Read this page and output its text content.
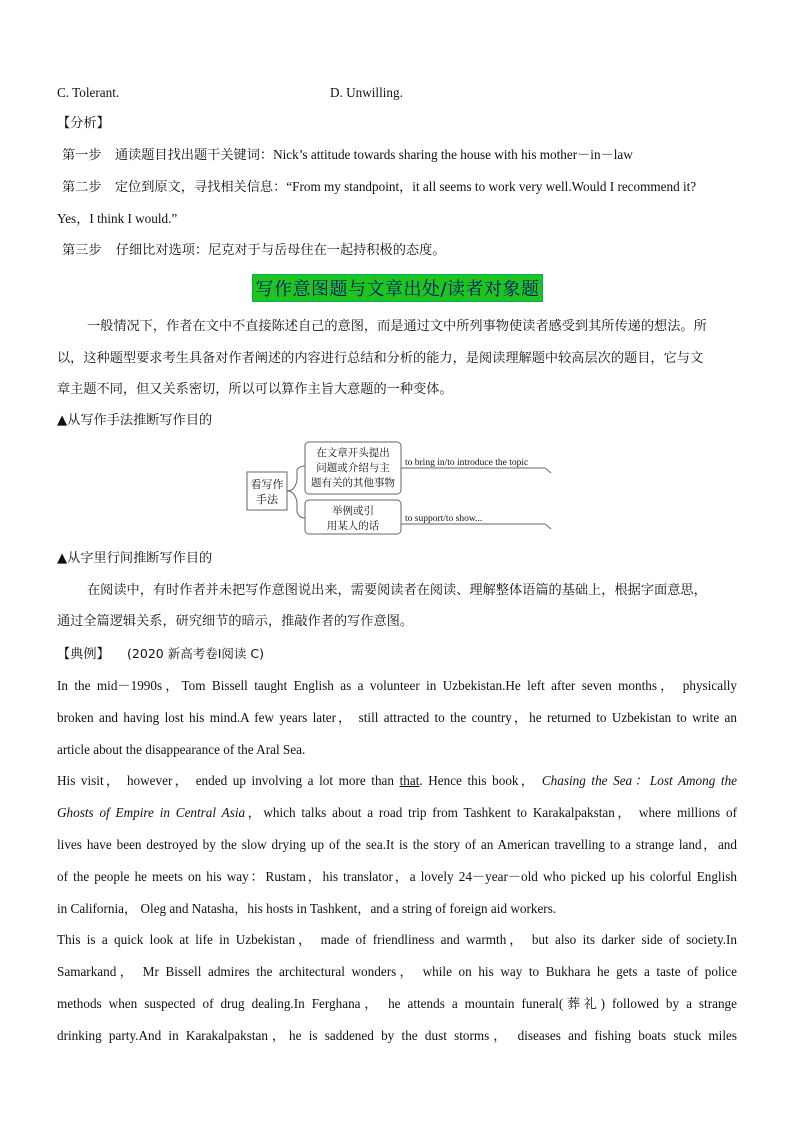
C. Tolerant.	D. Unwilling.
【分析】
第一步 通读题目找出题干关键词：Nick’s attitude towards sharing the house with his mother－in－law
第二步 定位到原文，寻找相关信息：“From my standpoint，it all seems to work very well.Would I recommend it?
Yes，I think I would.”
第三步 仔细比对选项：尼克对于与岳母住在一起持积极的态度。
写作意图题与文章出处/读者对象题
一般情况下，作者在文中不直接陈述自己的意图，而是通过文中所列事物使读者感受到其所传递的想法。所
以，这种题型要求考生具备对作者阐述的内容进行总结和分析的能力，是阅读理解题中较高层次的题目，它与文
章主题不同，但又关系密切，所以可以算作主旨大意题的一种变体。
▲从写作手法推断写作目的
看写作
手法
在文章开头提出
问题或介绍与主
题有关的其他事物
to bring in/to introduce the topic
举例或引
用某人的话
to support/to show...
▲从字里行间推断写作目的
在阅读中，有时作者并未把写作意图说出来，需要阅读者在阅读、理解整体语篇的基础上，根据字面意思，
通过全篇逻辑关系，研究细节的暗示，推敲作者的写作意图。
【典例】 (2020 新高考卷Ⅰ阅读 C)
In the mid－1990s，Tom Bissell taught English as a volunteer in Uzbekistan.He left after seven months， physically
broken and having lost his mind.A few years later， still attracted to the country，he returned to Uzbekistan to write an
article about the disappearance of the Aral Sea.
His visit， however， ended up involving a lot more than that. Hence this book， Chasing the Sea：Lost Among the
Ghosts of Empire in Central Asia，which talks about a road trip from Tashkent to Karakalpakstan， where millions of
lives have been destroyed by the slow drying up of the sea.It is the story of an American travelling to a strange land，and
of the people he meets on his way：Rustam，his translator，a lovely 24－year－old who picked up his colorful English
in California， Oleg and Natasha，his hosts in Tashkent，and a string of foreign aid workers.
This is a quick look at life in Uzbekistan， made of friendliness and warmth， but also its darker side of society.In
Samarkand， Mr Bissell admires the architectural wonders， while on his way to Bukhara he gets a taste of police
methods when suspected of drug dealing.In Ferghana， he attends a mountain funeral(葬礼) followed by a strange
drinking party.And in Karakalpakstan，he is saddened by the dust storms， diseases and fishing boats stuck miles
